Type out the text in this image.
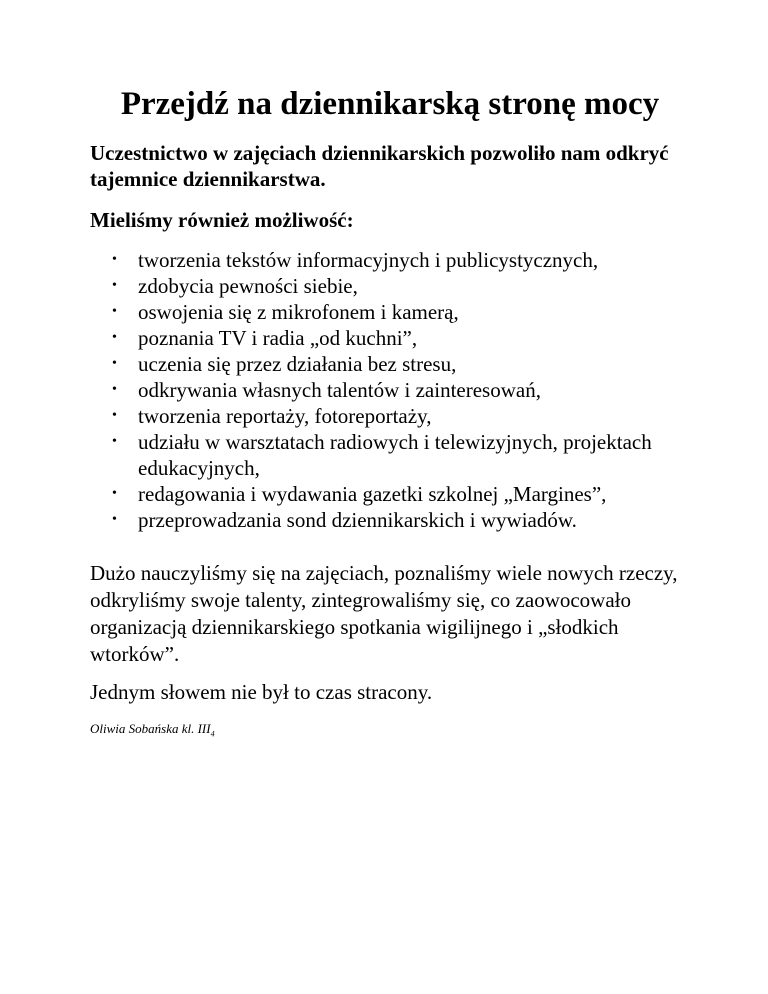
Przejdź na dziennikarską stronę mocy

Uczestnictwo w zajęciach dziennikarskich pozwoliło nam odkryć tajemnice dziennikarstwa.

Mieliśmy również możliwość:

• tworzenia tekstów informacyjnych i publicystycznych,
• zdobycia pewności siebie,
• oswojenia się z mikrofonem i kamerą,
• poznania TV i radia „od kuchni”,
• uczenia się przez działania bez stresu,
• odkrywania własnych talentów i zainteresowań,
• tworzenia reportaży, fotoreportaży,
• udziału w warsztatach radiowych i telewizyjnych, projektach edukacyjnych,
• redagowania i wydawania gazetki szkolnej „Margines”,
• przeprowadzania sond dziennikarskich i wywiadów.

Dużo nauczyliśmy się na zajęciach, poznaliśmy wiele nowych rzeczy, odkryliśmy swoje talenty, zintegrowaliśmy się, co zaowocowało organizacją dziennikarskiego spotkania wigilijnego i „słodkich wtorków”.

Jednym słowem nie był to czas stracony.

Oliwia Sobańska kl. $III_4$
